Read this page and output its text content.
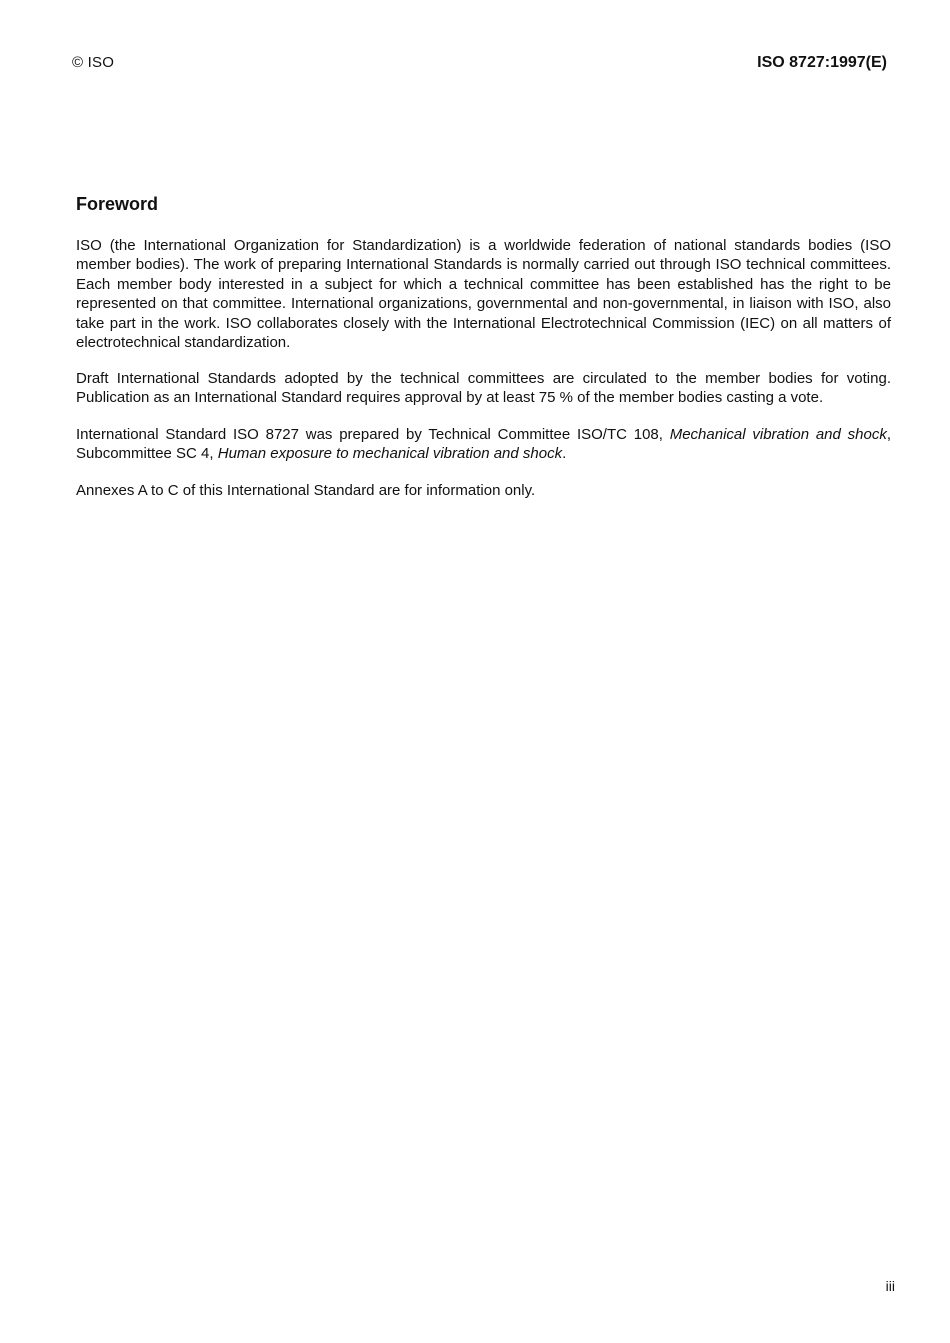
© ISO	ISO 8727:1997(E)
Foreword

ISO (the International Organization for Standardization) is a worldwide federation of national standards bodies (ISO member bodies). The work of preparing International Standards is normally carried out through ISO technical committees. Each member body interested in a subject for which a technical committee has been established has the right to be represented on that committee. International organizations, governmental and non-governmental, in liaison with ISO, also take part in the work. ISO collaborates closely with the International Electrotechnical Commission (IEC) on all matters of electrotechnical standardization.

Draft International Standards adopted by the technical committees are circulated to the member bodies for voting. Publication as an International Standard requires approval by at least 75 % of the member bodies casting a vote.

International Standard ISO 8727 was prepared by Technical Committee ISO/TC 108, Mechanical vibration and shock, Subcommittee SC 4, Human exposure to mechanical vibration and shock.

Annexes A to C of this International Standard are for information only.

iii
